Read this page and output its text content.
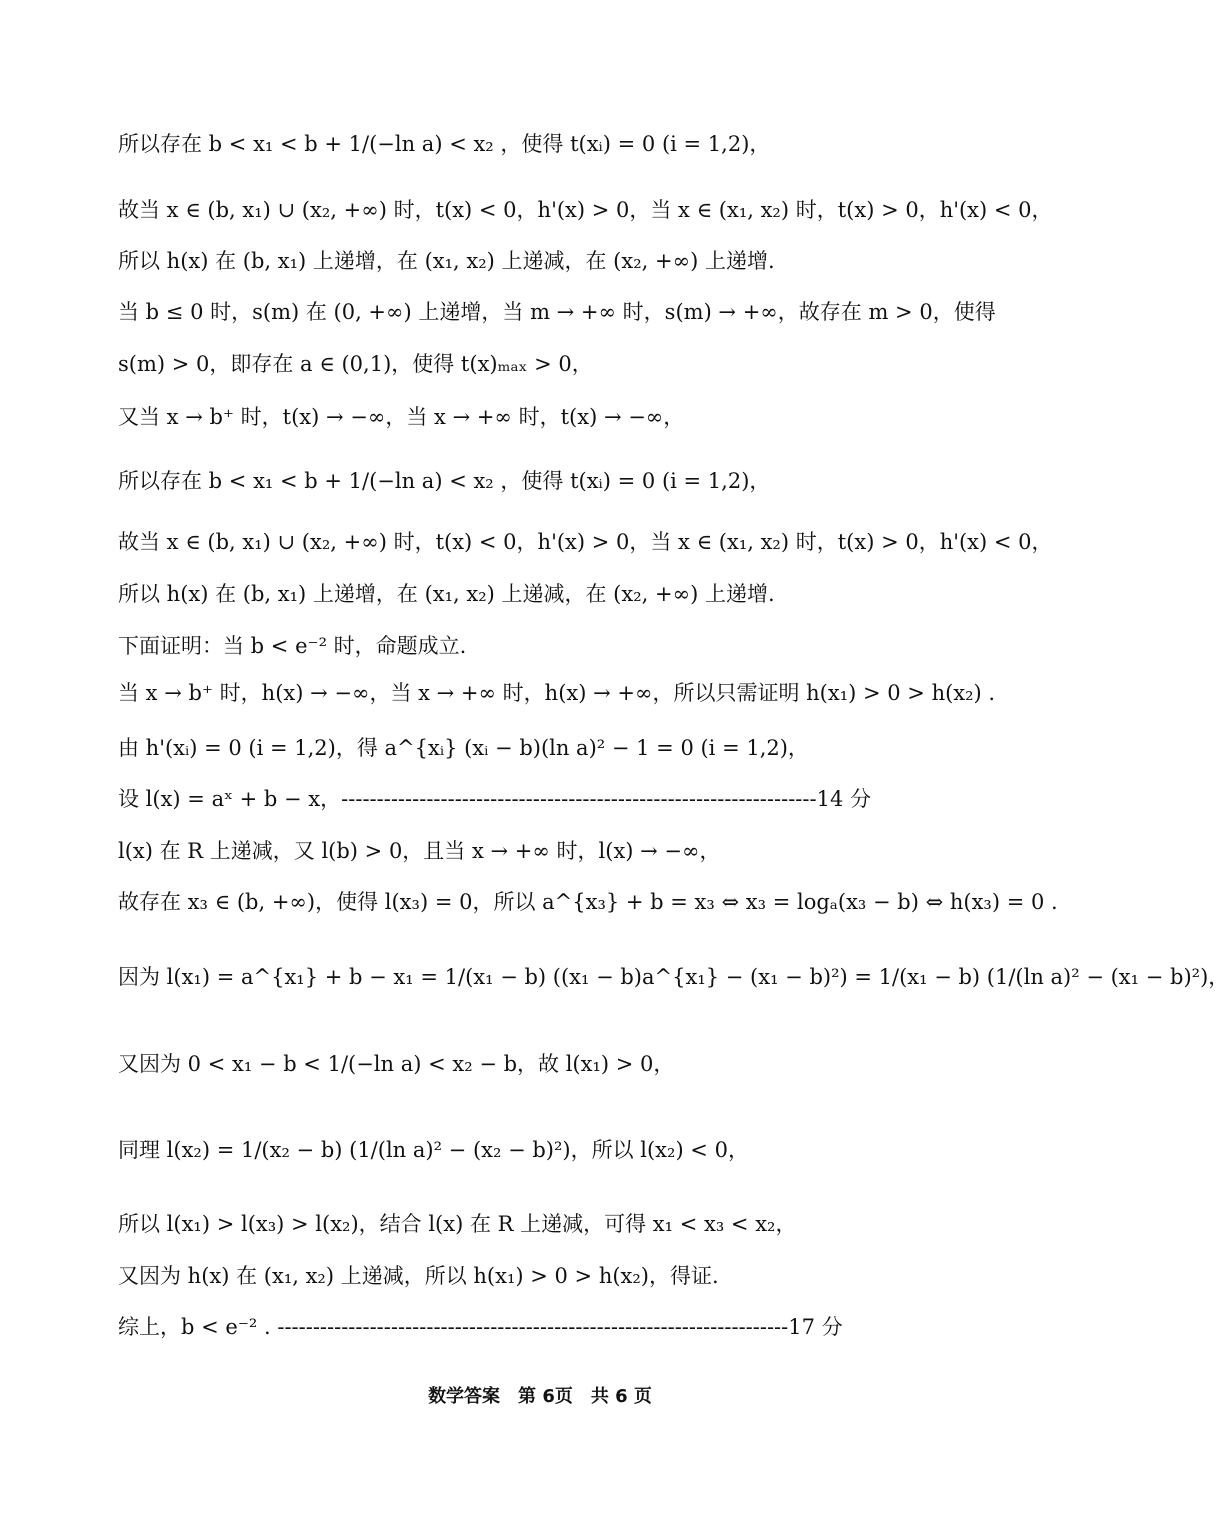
所以存在 b < x₁ < b + 1/(−ln a) < x₂ ，使得 t(xᵢ) = 0 (i = 1,2)，
故当 x ∈ (b, x₁) ∪ (x₂, +∞) 时，t(x) < 0，h'(x) > 0，当 x ∈ (x₁, x₂) 时，t(x) > 0，h'(x) < 0，
所以 h(x) 在 (b, x₁) 上递增，在 (x₁, x₂) 上递减，在 (x₂, +∞) 上递增.
当 b ≤ 0 时，s(m) 在 (0, +∞) 上递增，当 m → +∞ 时，s(m) → +∞，故存在 m > 0，使得
s(m) > 0，即存在 a ∈ (0,1)，使得 t(x)ₘₐₓ > 0，
又当 x → b⁺ 时，t(x) → −∞，当 x → +∞ 时，t(x) → −∞，
所以存在 b < x₁ < b + 1/(−ln a) < x₂ ，使得 t(xᵢ) = 0 (i = 1,2)，
故当 x ∈ (b, x₁) ∪ (x₂, +∞) 时，t(x) < 0，h'(x) > 0，当 x ∈ (x₁, x₂) 时，t(x) > 0，h'(x) < 0，
所以 h(x) 在 (b, x₁) 上递增，在 (x₁, x₂) 上递减，在 (x₂, +∞) 上递增.
下面证明：当 b < e⁻² 时，命题成立.
当 x → b⁺ 时，h(x) → −∞，当 x → +∞ 时，h(x) → +∞，所以只需证明 h(x₁) > 0 > h(x₂) .
由 h'(xᵢ) = 0 (i = 1,2)，得 a^{xᵢ} (xᵢ − b)(ln a)² − 1 = 0 (i = 1,2)，
设 l(x) = aˣ + b − x，-------------------------------------------------------------------14 分
l(x) 在 R 上递减，又 l(b) > 0，且当 x → +∞ 时，l(x) → −∞，
故存在 x₃ ∈ (b, +∞)，使得 l(x₃) = 0，所以 a^{x₃} + b = x₃ ⇔ x₃ = logₐ(x₃ − b) ⇔ h(x₃) = 0 .
因为 l(x₁) = a^{x₁} + b − x₁ = 1/(x₁ − b) ((x₁ − b)a^{x₁} − (x₁ − b)²) = 1/(x₁ − b) (1/(ln a)² − (x₁ − b)²)，
又因为 0 < x₁ − b < 1/(−ln a) < x₂ − b，故 l(x₁) > 0，
同理 l(x₂) = 1/(x₂ − b) (1/(ln a)² − (x₂ − b)²)，所以 l(x₂) < 0，
所以 l(x₁) > l(x₃) > l(x₂)，结合 l(x) 在 R 上递减，可得 x₁ < x₃ < x₂，
又因为 h(x) 在 (x₁, x₂) 上递减，所以 h(x₁) > 0 > h(x₂)，得证.
综上，b < e⁻² . ------------------------------------------------------------------------17 分
数学答案　第 6页　共 6 页
